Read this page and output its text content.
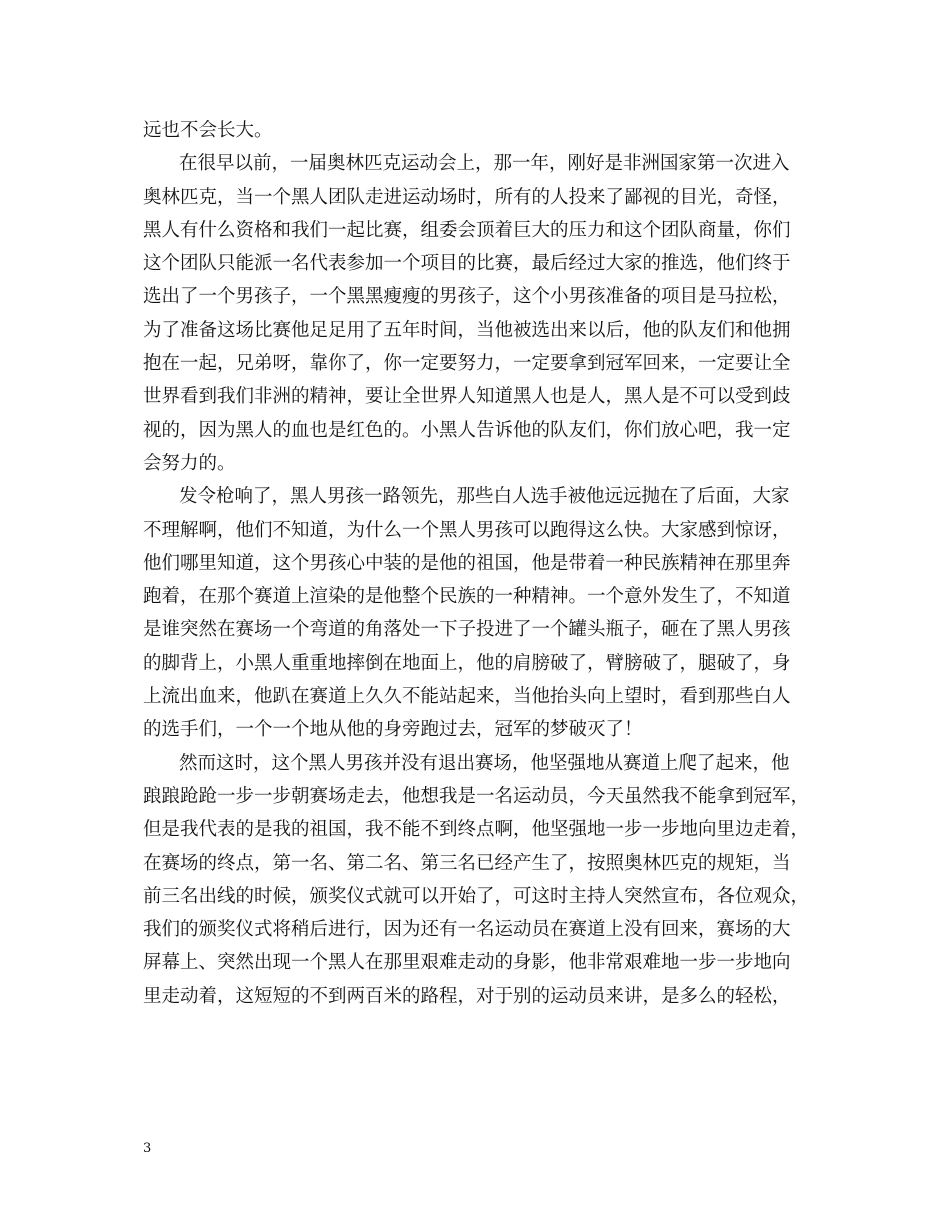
远也不会长大。
在很早以前，一届奥林匹克运动会上，那一年，刚好是非洲国家第一次进入
奥林匹克，当一个黑人团队走进运动场时，所有的人投来了鄙视的目光，奇怪，
黑人有什么资格和我们一起比赛，组委会顶着巨大的压力和这个团队商量，你们
这个团队只能派一名代表参加一个项目的比赛，最后经过大家的推选，他们终于
选出了一个男孩子，一个黑黑瘦瘦的男孩子，这个小男孩准备的项目是马拉松，
为了准备这场比赛他足足用了五年时间，当他被选出来以后，他的队友们和他拥
抱在一起，兄弟呀，靠你了，你一定要努力，一定要拿到冠军回来，一定要让全
世界看到我们非洲的精神，要让全世界人知道黑人也是人，黑人是不可以受到歧
视的，因为黑人的血也是红色的。小黑人告诉他的队友们，你们放心吧，我一定
会努力的。
发令枪响了，黑人男孩一路领先，那些白人选手被他远远抛在了后面，大家
不理解啊，他们不知道，为什么一个黑人男孩可以跑得这么快。大家感到惊讶，
他们哪里知道，这个男孩心中装的是他的祖国，他是带着一种民族精神在那里奔
跑着，在那个赛道上渲染的是他整个民族的一种精神。一个意外发生了，不知道
是谁突然在赛场一个弯道的角落处一下子投进了一个罐头瓶子，砸在了黑人男孩
的脚背上，小黑人重重地摔倒在地面上，他的肩膀破了，臂膀破了，腿破了，身
上流出血来，他趴在赛道上久久不能站起来，当他抬头向上望时，看到那些白人
的选手们，一个一个地从他的身旁跑过去，冠军的梦破灭了！
然而这时，这个黑人男孩并没有退出赛场，他坚强地从赛道上爬了起来，他
踉踉跄跄一步一步朝赛场走去，他想我是一名运动员，今天虽然我不能拿到冠军，
但是我代表的是我的祖国，我不能不到终点啊，他坚强地一步一步地向里边走着，
在赛场的终点，第一名、第二名、第三名已经产生了，按照奥林匹克的规矩，当
前三名出线的时候，颁奖仪式就可以开始了，可这时主持人突然宣布，各位观众，
我们的颁奖仪式将稍后进行，因为还有一名运动员在赛道上没有回来，赛场的大
屏幕上、突然出现一个黑人在那里艰难走动的身影，他非常艰难地一步一步地向
里走动着，这短短的不到两百米的路程，对于别的运动员来讲，是多么的轻松，
3
